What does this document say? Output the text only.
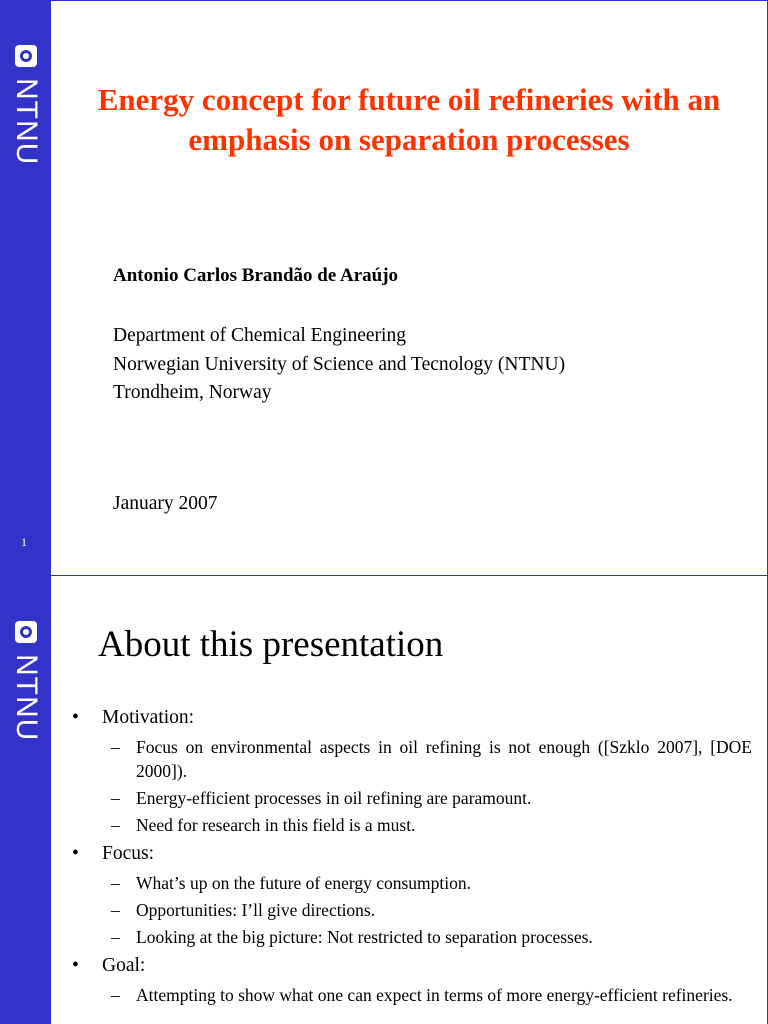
NTNU
1
Energy concept for future oil refineries with an emphasis on separation processes
Antonio Carlos Brandão de Araújo
Department of Chemical Engineering
Norwegian University of Science and Tecnology (NTNU)
Trondheim, Norway
January 2007
NTNU
About this presentation
• Motivation:
– Focus on environmental aspects in oil refining is not enough ([Szklo 2007], [DOE 2000]).
– Energy-efficient processes in oil refining are paramount.
– Need for research in this field is a must.
• Focus:
– What’s up on the future of energy consumption.
– Opportunities: I’ll give directions.
– Looking at the big picture: Not restricted to separation processes.
• Goal:
– Attempting to show what one can expect in terms of more energy-efficient refineries.
